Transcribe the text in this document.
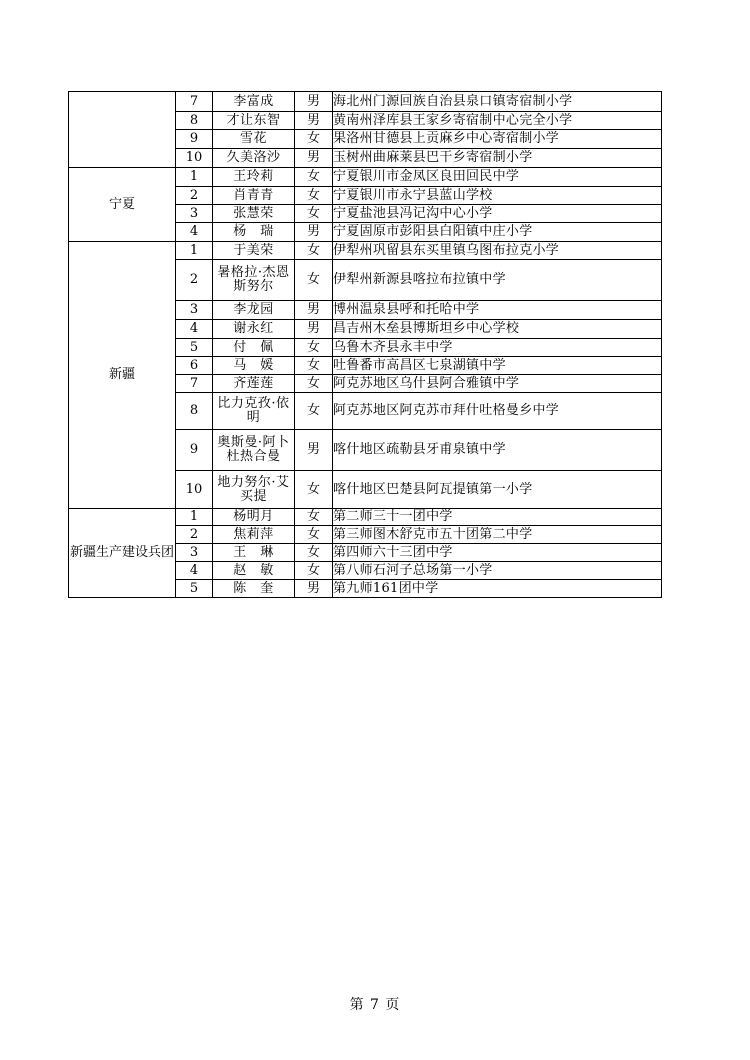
	7	李富成	男	海北州门源回族自治县泉口镇寄宿制小学
	8	才让东智	男	黄南州泽库县王家乡寄宿制中心完全小学
	9	雪花	女	果洛州甘德县上贡麻乡中心寄宿制小学
	10	久美洛沙	男	玉树州曲麻莱县巴干乡寄宿制小学
宁夏	1	王玲莉	女	宁夏银川市金凤区良田回民中学
	2	肖青青	女	宁夏银川市永宁县蓝山学校
	3	张慧荣	女	宁夏盐池县冯记沟中心小学
	4	杨　瑞	男	宁夏固原市彭阳县白阳镇中庄小学
新疆	1	于美荣	女	伊犁州巩留县东买里镇乌图布拉克小学
	2	暑格拉·杰恩斯努尔	女	伊犁州新源县喀拉布拉镇中学
	3	李龙园	男	博州温泉县呼和托哈中学
	4	谢永红	男	昌吉州木垒县博斯坦乡中心学校
	5	付　佩	女	乌鲁木齐县永丰中学
	6	马　媛	女	吐鲁番市高昌区七泉湖镇中学
	7	齐莲莲	女	阿克苏地区乌什县阿合雅镇中学
	8	比力克孜·依明	女	阿克苏地区阿克苏市拜什吐格曼乡中学
	9	奥斯曼·阿卜杜热合曼	男	喀什地区疏勒县牙甫泉镇中学
	10	地力努尔·艾买提	女	喀什地区巴楚县阿瓦提镇第一小学
新疆生产建设兵团	1	杨明月	女	第二师三十一团中学
	2	焦莉萍	女	第三师图木舒克市五十团第二中学
	3	王　琳	女	第四师六十三团中学
	4	赵　敏	女	第八师石河子总场第一小学
	5	陈　奎	男	第九师161团中学
第 7 页
